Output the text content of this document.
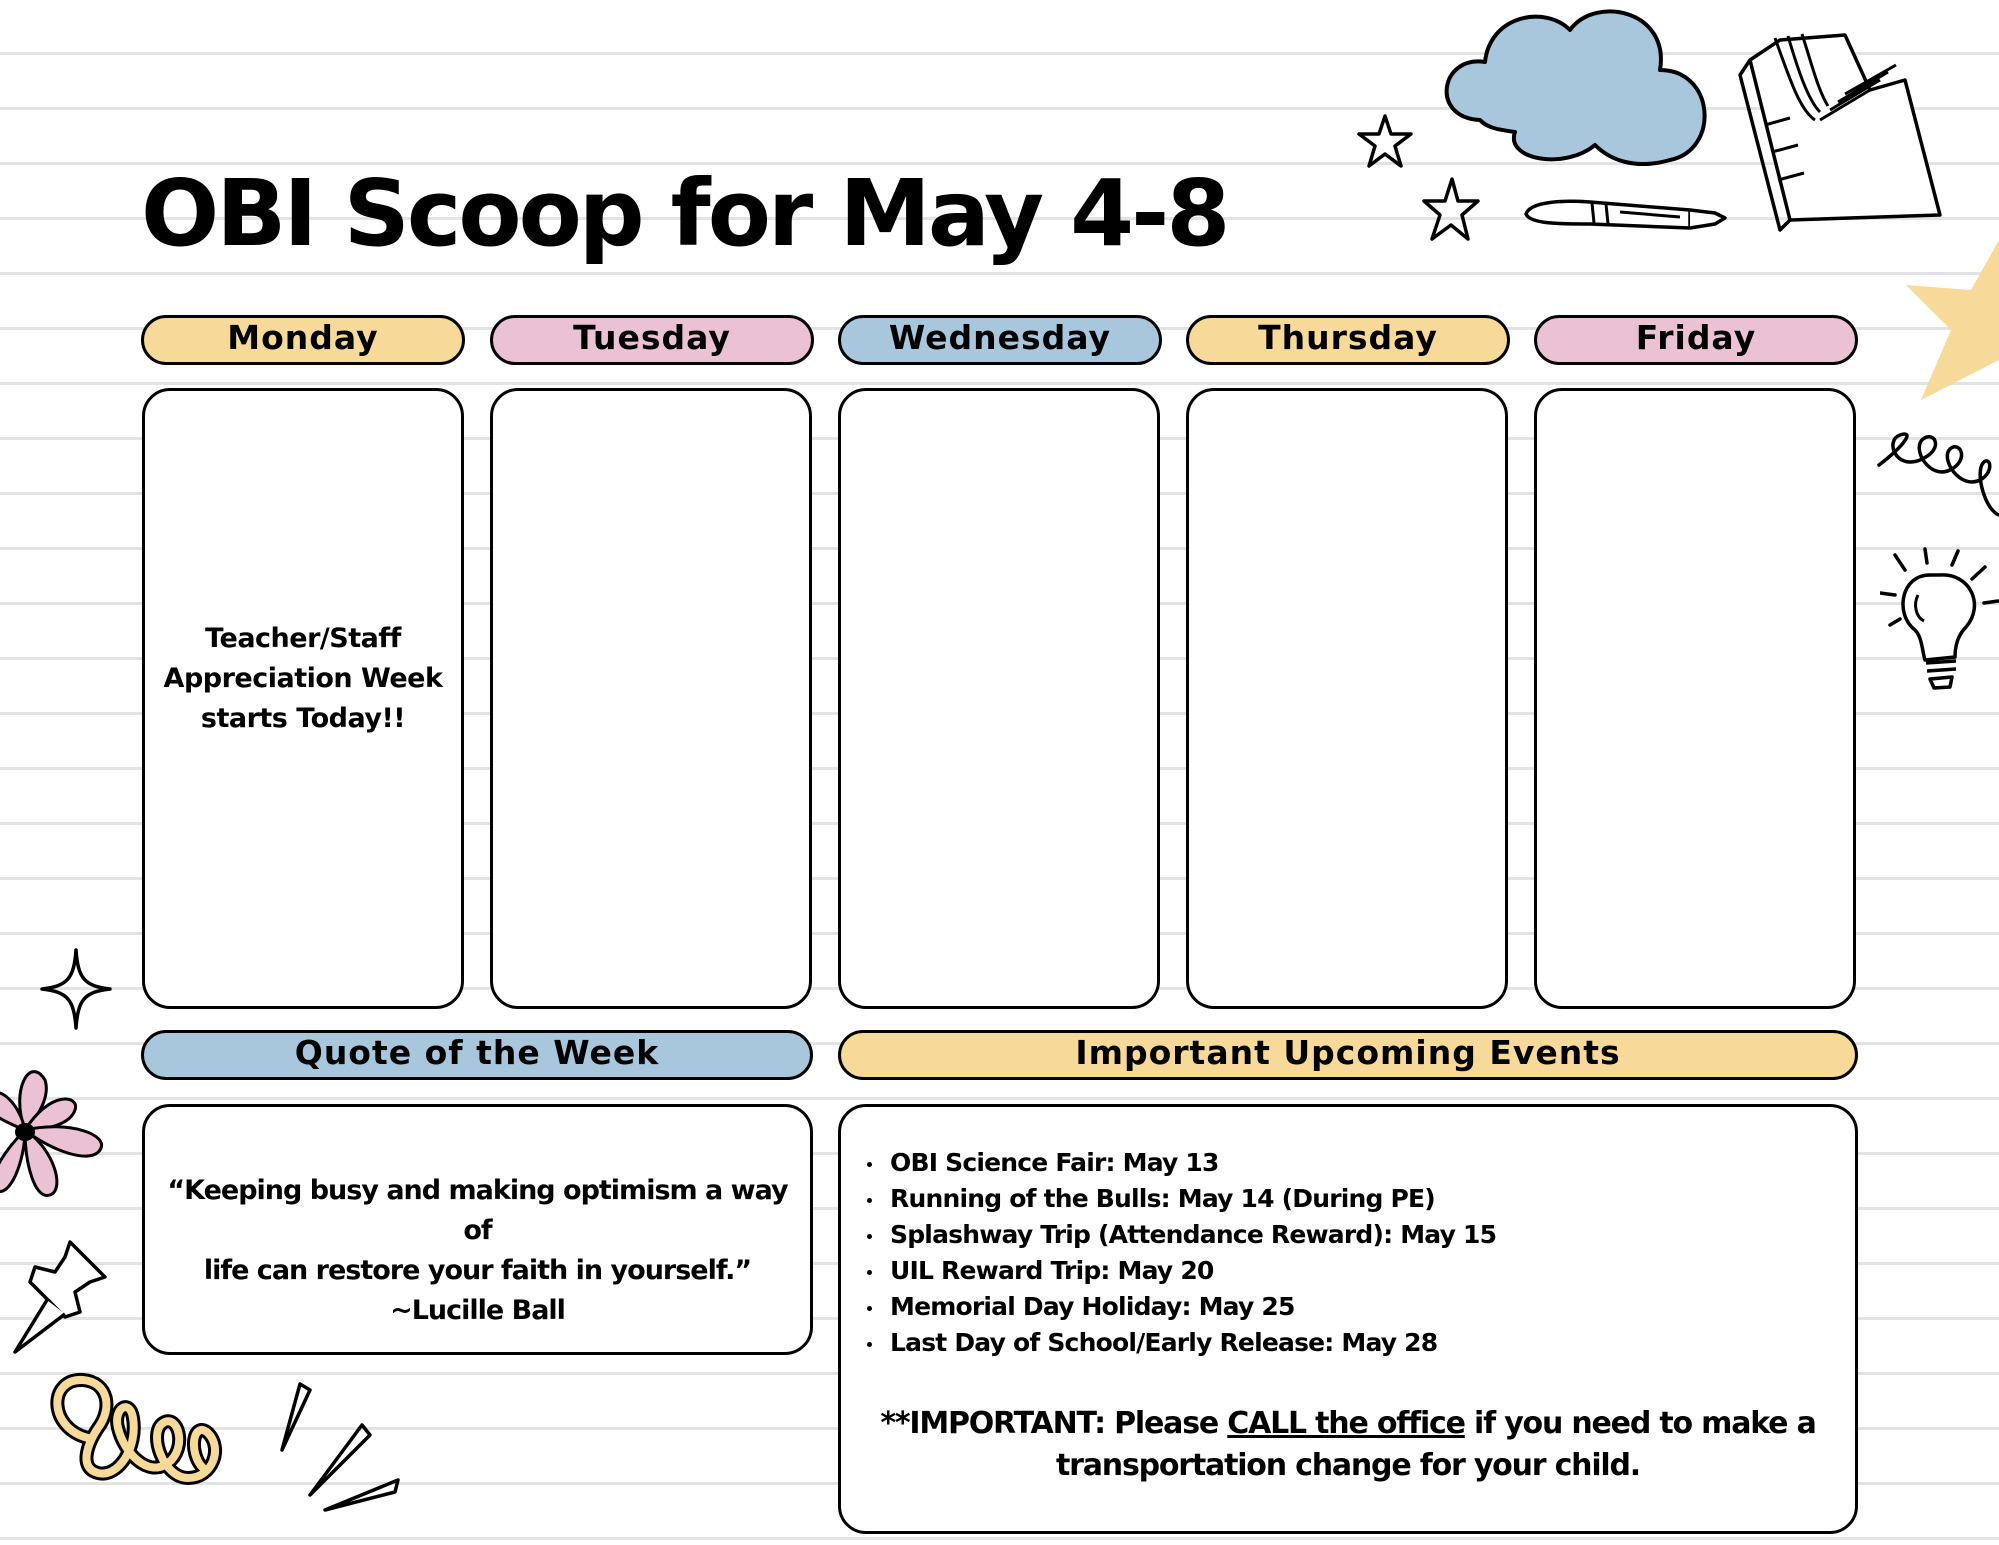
OBI Scoop for May 4-8
Monday	Tuesday	Wednesday	Thursday	Friday
Teacher/Staff
Appreciation Week
starts Today!!
Quote of the Week
“Keeping busy and making optimism a way of
life can restore your faith in yourself.”
~Lucille Ball
Important Upcoming Events
OBI Science Fair: May 13
Running of the Bulls: May 14 (During PE)
Splashway Trip (Attendance Reward): May 15
UIL Reward Trip: May 20
Memorial Day Holiday: May 25
Last Day of School/Early Release: May 28
**IMPORTANT: Please CALL the office if you need to make a
transportation change for your child.
